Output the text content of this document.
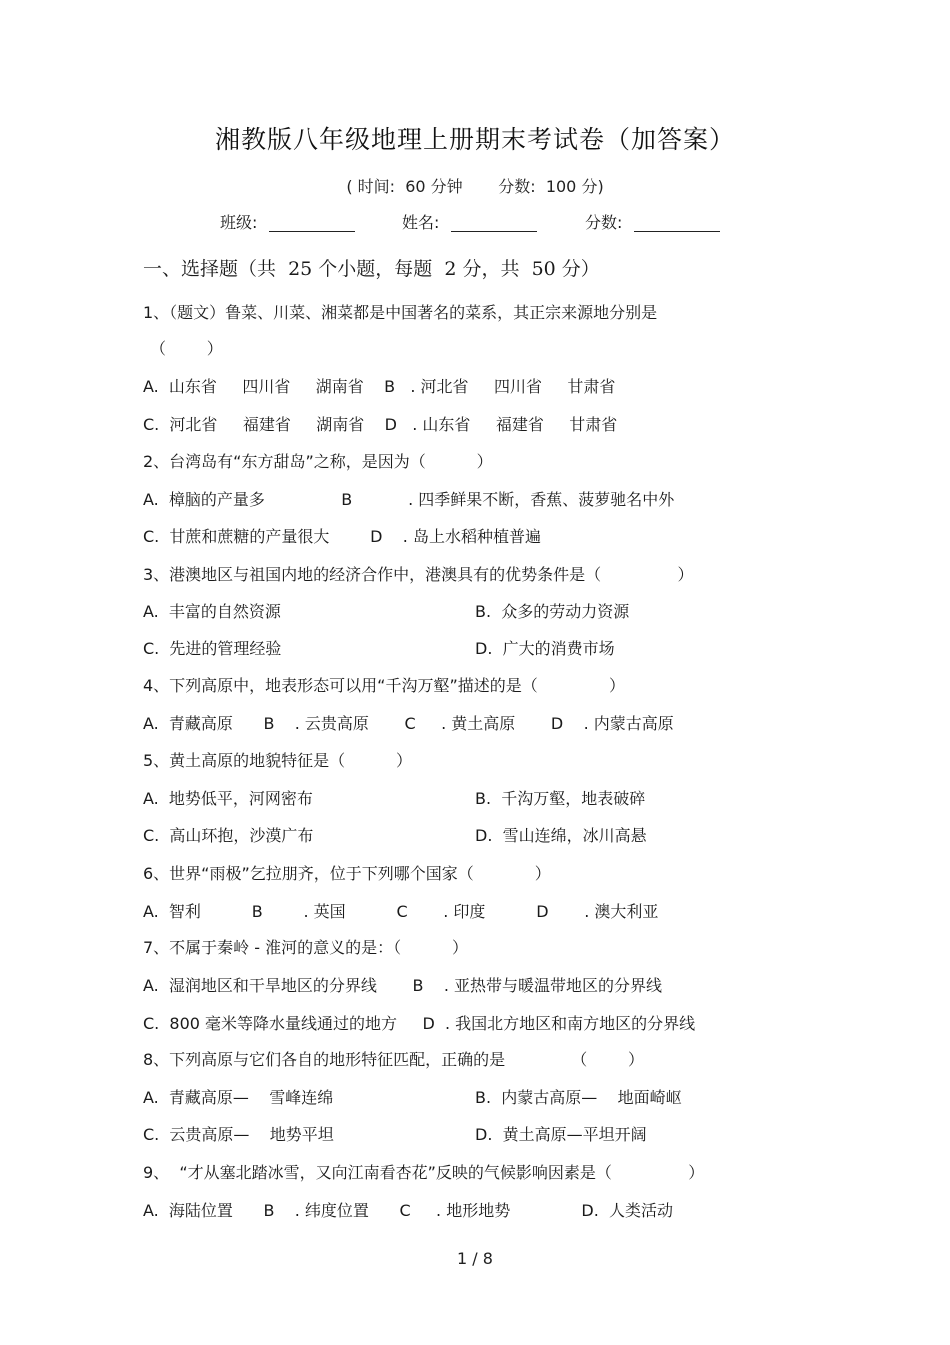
湘教版八年级地理上册期末考试卷（加答案）
( 时间:  60 分钟       分数:  100 分)
班级:	姓名:	分数:
一、选择题（共  25 个小题，每题  2 分，共  50 分）
1、（题文）鲁菜、川菜、湘菜都是中国著名的菜系，其正宗来源地分别是
（        ）
A.  山东省     四川省     湖南省    B   . 河北省     四川省     甘肃省
C.  河北省     福建省     湖南省    D   . 山东省     福建省     甘肃省
2、台湾岛有“东方甜岛”之称，是因为（          ）
A.  樟脑的产量多               B           . 四季鲜果不断，香蕉、菠萝驰名中外
C.  甘蔗和蔗糖的产量很大        D    . 岛上水稻种植普遍
3、港澳地区与祖国内地的经济合作中，港澳具有的优势条件是（               ）
A.  丰富的自然资源	B.  众多的劳动力资源
C.  先进的管理经验	D.  广大的消费市场
4、下列高原中，地表形态可以用“千沟万壑”描述的是（              ）
A.  青藏高原      B    . 云贵高原       C     . 黄土高原       D    . 内蒙古高原
5、黄土高原的地貌特征是（          ）
A.  地势低平，河网密布	B.  千沟万壑，地表破碎
C.  高山环抱，沙漠广布	D.  雪山连绵，冰川高悬
6、世界“雨极”乞拉朋齐，位于下列哪个国家（            ）
A.  智利          B        . 英国          C       . 印度          D       . 澳大利亚
7、不属于秦岭 - 淮河的意义的是：（          ）
A.  湿润地区和干旱地区的分界线       B    . 亚热带与暖温带地区的分界线
C.  800 毫米等降水量线通过的地方     D  . 我国北方地区和南方地区的分界线
8、下列高原与它们各自的地形特征匹配，正确的是             （        ）
A.  青藏高原—    雪峰连绵	B.  内蒙古高原—    地面崎岖
C.  云贵高原—    地势平坦	D.  黄土高原—平坦开阔
9、  “才从塞北踏冰雪，又向江南看杏花”反映的气候影响因素是（               ）
A.  海陆位置      B    . 纬度位置      C     . 地形地势              D.  人类活动
1 / 8
